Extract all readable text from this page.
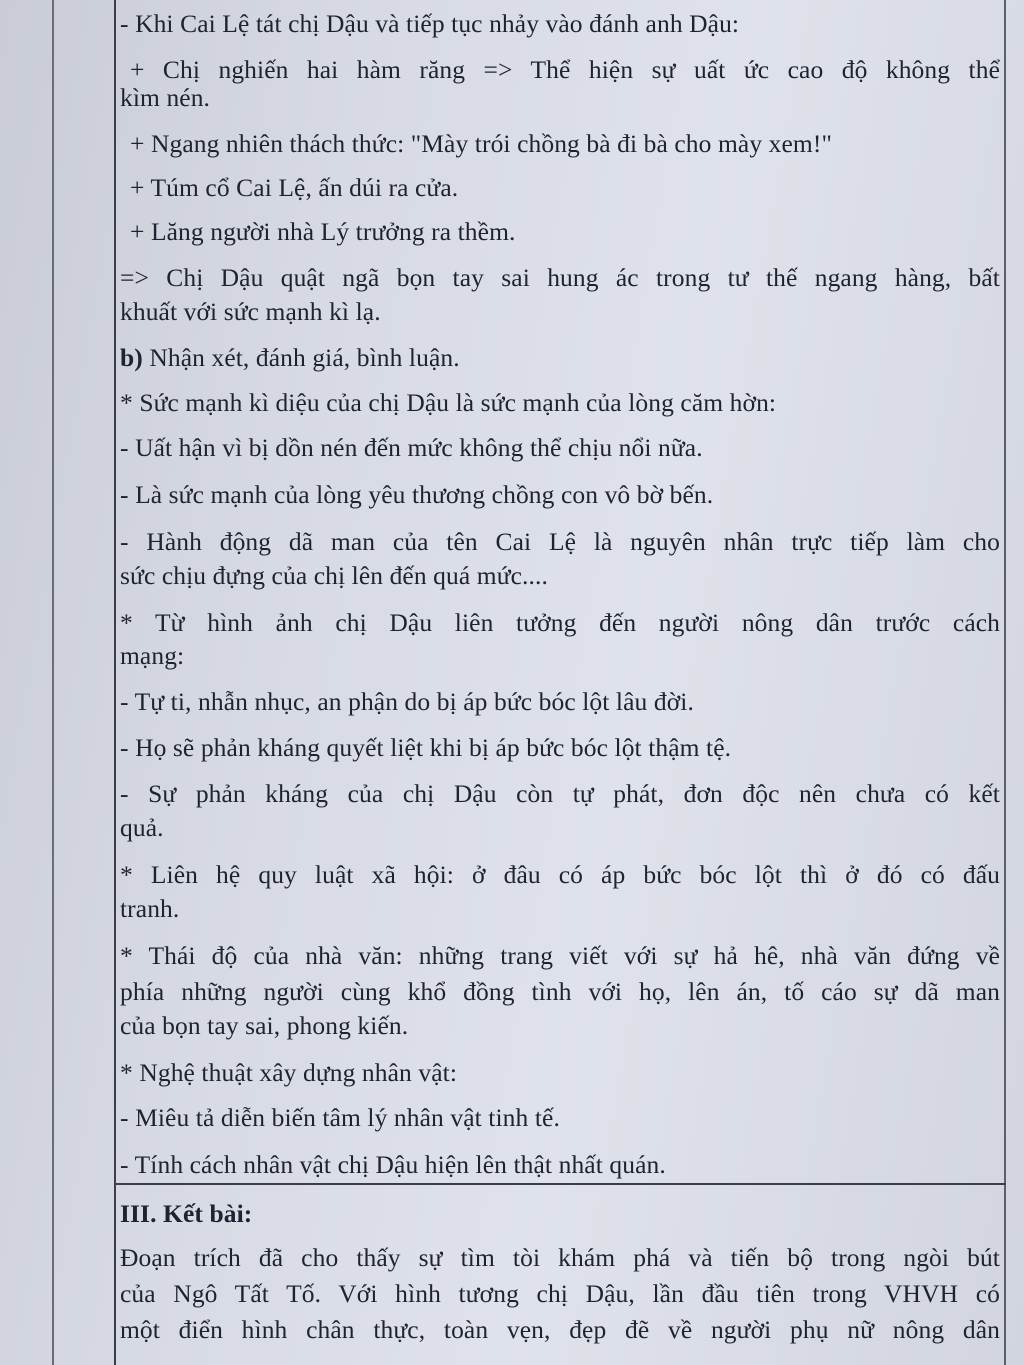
- Khi Cai Lệ tát chị Dậu và tiếp tục nhảy vào đánh anh Dậu:
+ Chị nghiến hai hàm răng => Thể hiện sự uất ức cao độ không thể
kìm nén.
+ Ngang nhiên thách thức: "Mày trói chồng bà đi bà cho mày xem!"
+ Túm cổ Cai Lệ, ấn dúi ra cửa.
+ Lăng người nhà Lý trưởng ra thềm.
=> Chị Dậu quật ngã bọn tay sai hung ác trong tư thế ngang hàng, bất
khuất với sức mạnh kì lạ.
b) Nhận xét, đánh giá, bình luận.
* Sức mạnh kì diệu của chị Dậu là sức mạnh của lòng căm hờn:
- Uất hận vì bị dồn nén đến mức không thể chịu nổi nữa.
- Là sức mạnh của lòng yêu thương chồng con vô bờ bến.
- Hành động dã man của tên Cai Lệ là nguyên nhân trực tiếp làm cho
sức chịu đựng của chị lên đến quá mức....
* Từ hình ảnh chị Dậu liên tưởng đến người nông dân trước cách
mạng:
- Tự ti, nhẫn nhục, an phận do bị áp bức bóc lột lâu đời.
- Họ sẽ phản kháng quyết liệt khi bị áp bức bóc lột thậm tệ.
- Sự phản kháng của chị Dậu còn tự phát, đơn độc nên chưa có kết
quả.
* Liên hệ quy luật xã hội: ở đâu có áp bức bóc lột thì ở đó có đấu
tranh.
* Thái độ của nhà văn: những trang viết với sự hả hê, nhà văn đứng về
phía những người cùng khổ đồng tình với họ, lên án, tố cáo sự dã man
của bọn tay sai, phong kiến.
* Nghệ thuật xây dựng nhân vật:
- Miêu tả diễn biến tâm lý nhân vật tinh tế.
- Tính cách nhân vật chị Dậu hiện lên thật nhất quán.
III. Kết bài:
Đoạn trích đã cho thấy sự tìm tòi khám phá và tiến bộ trong ngòi bút
của Ngô Tất Tố. Với hình tương chị Dậu, lần đầu tiên trong VHVH có
một điển hình chân thực, toàn vẹn, đẹp đẽ về người phụ nữ nông dân
